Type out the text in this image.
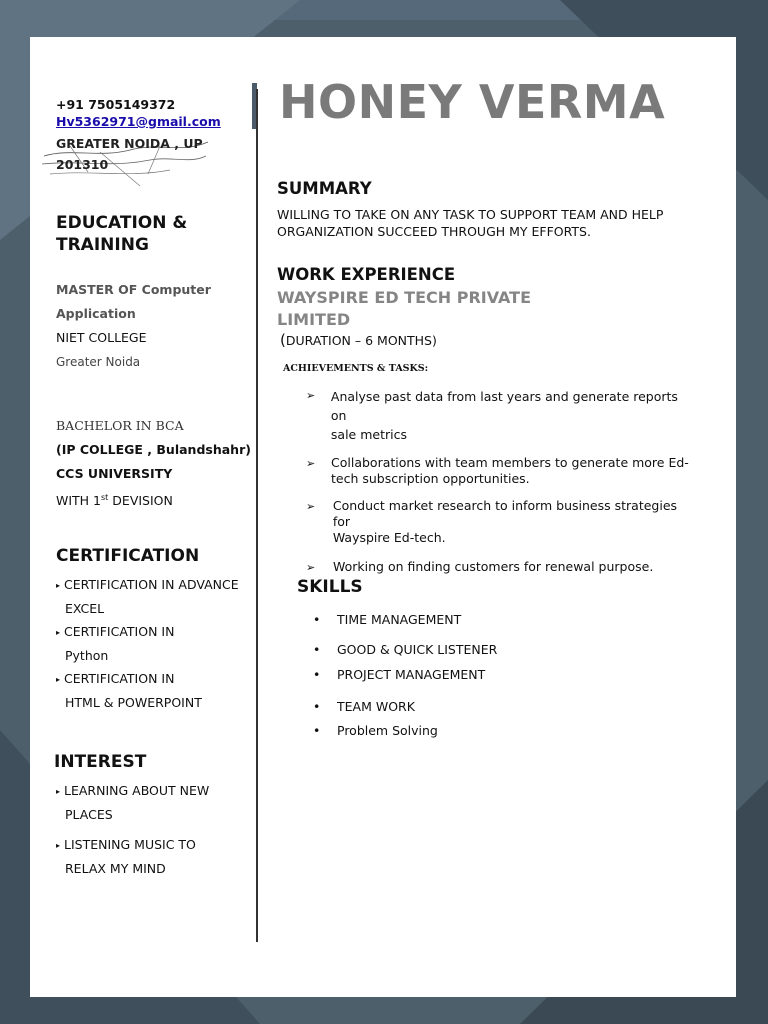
+91 7505149372
Hv5362971@gmail.com
GREATER NOIDA , UP
201310
EDUCATION &
TRAINING
MASTER OF Computer
Application
NIET COLLEGE
Greater Noida
BACHELOR IN BCA
(IP COLLEGE , Bulandshahr)
CCS UNIVERSITY
WITH 1st DEVISION
CERTIFICATION
▸ CERTIFICATION IN ADVANCE
EXCEL
▸ CERTIFICATION IN
Python
▸ CERTIFICATION IN
HTML & POWERPOINT
INTEREST
▸ LEARNING ABOUT NEW
PLACES
▸ LISTENING MUSIC TO
RELAX MY MIND
HONEY VERMA
SUMMARY
WILLING TO TAKE ON ANY TASK TO SUPPORT TEAM AND HELP
ORGANIZATION SUCCEED THROUGH MY EFFORTS.
WORK EXPERIENCE
WAYSPIRE ED TECH PRIVATE
LIMITED
(DURATION – 6 MONTHS)
ACHIEVEMENTS & TASKS:
➢	Analyse past data from last years and generate reports on
sale metrics
➢	Collaborations with team members to generate more Ed-
tech subscription opportunities.
➢	Conduct market research to inform business strategies for
Wayspire Ed-tech.
➢	Working on finding customers for renewal purpose.
SKILLS
•	TIME MANAGEMENT
•	GOOD & QUICK LISTENER
•	PROJECT MANAGEMENT
•	TEAM WORK
•	Problem Solving
